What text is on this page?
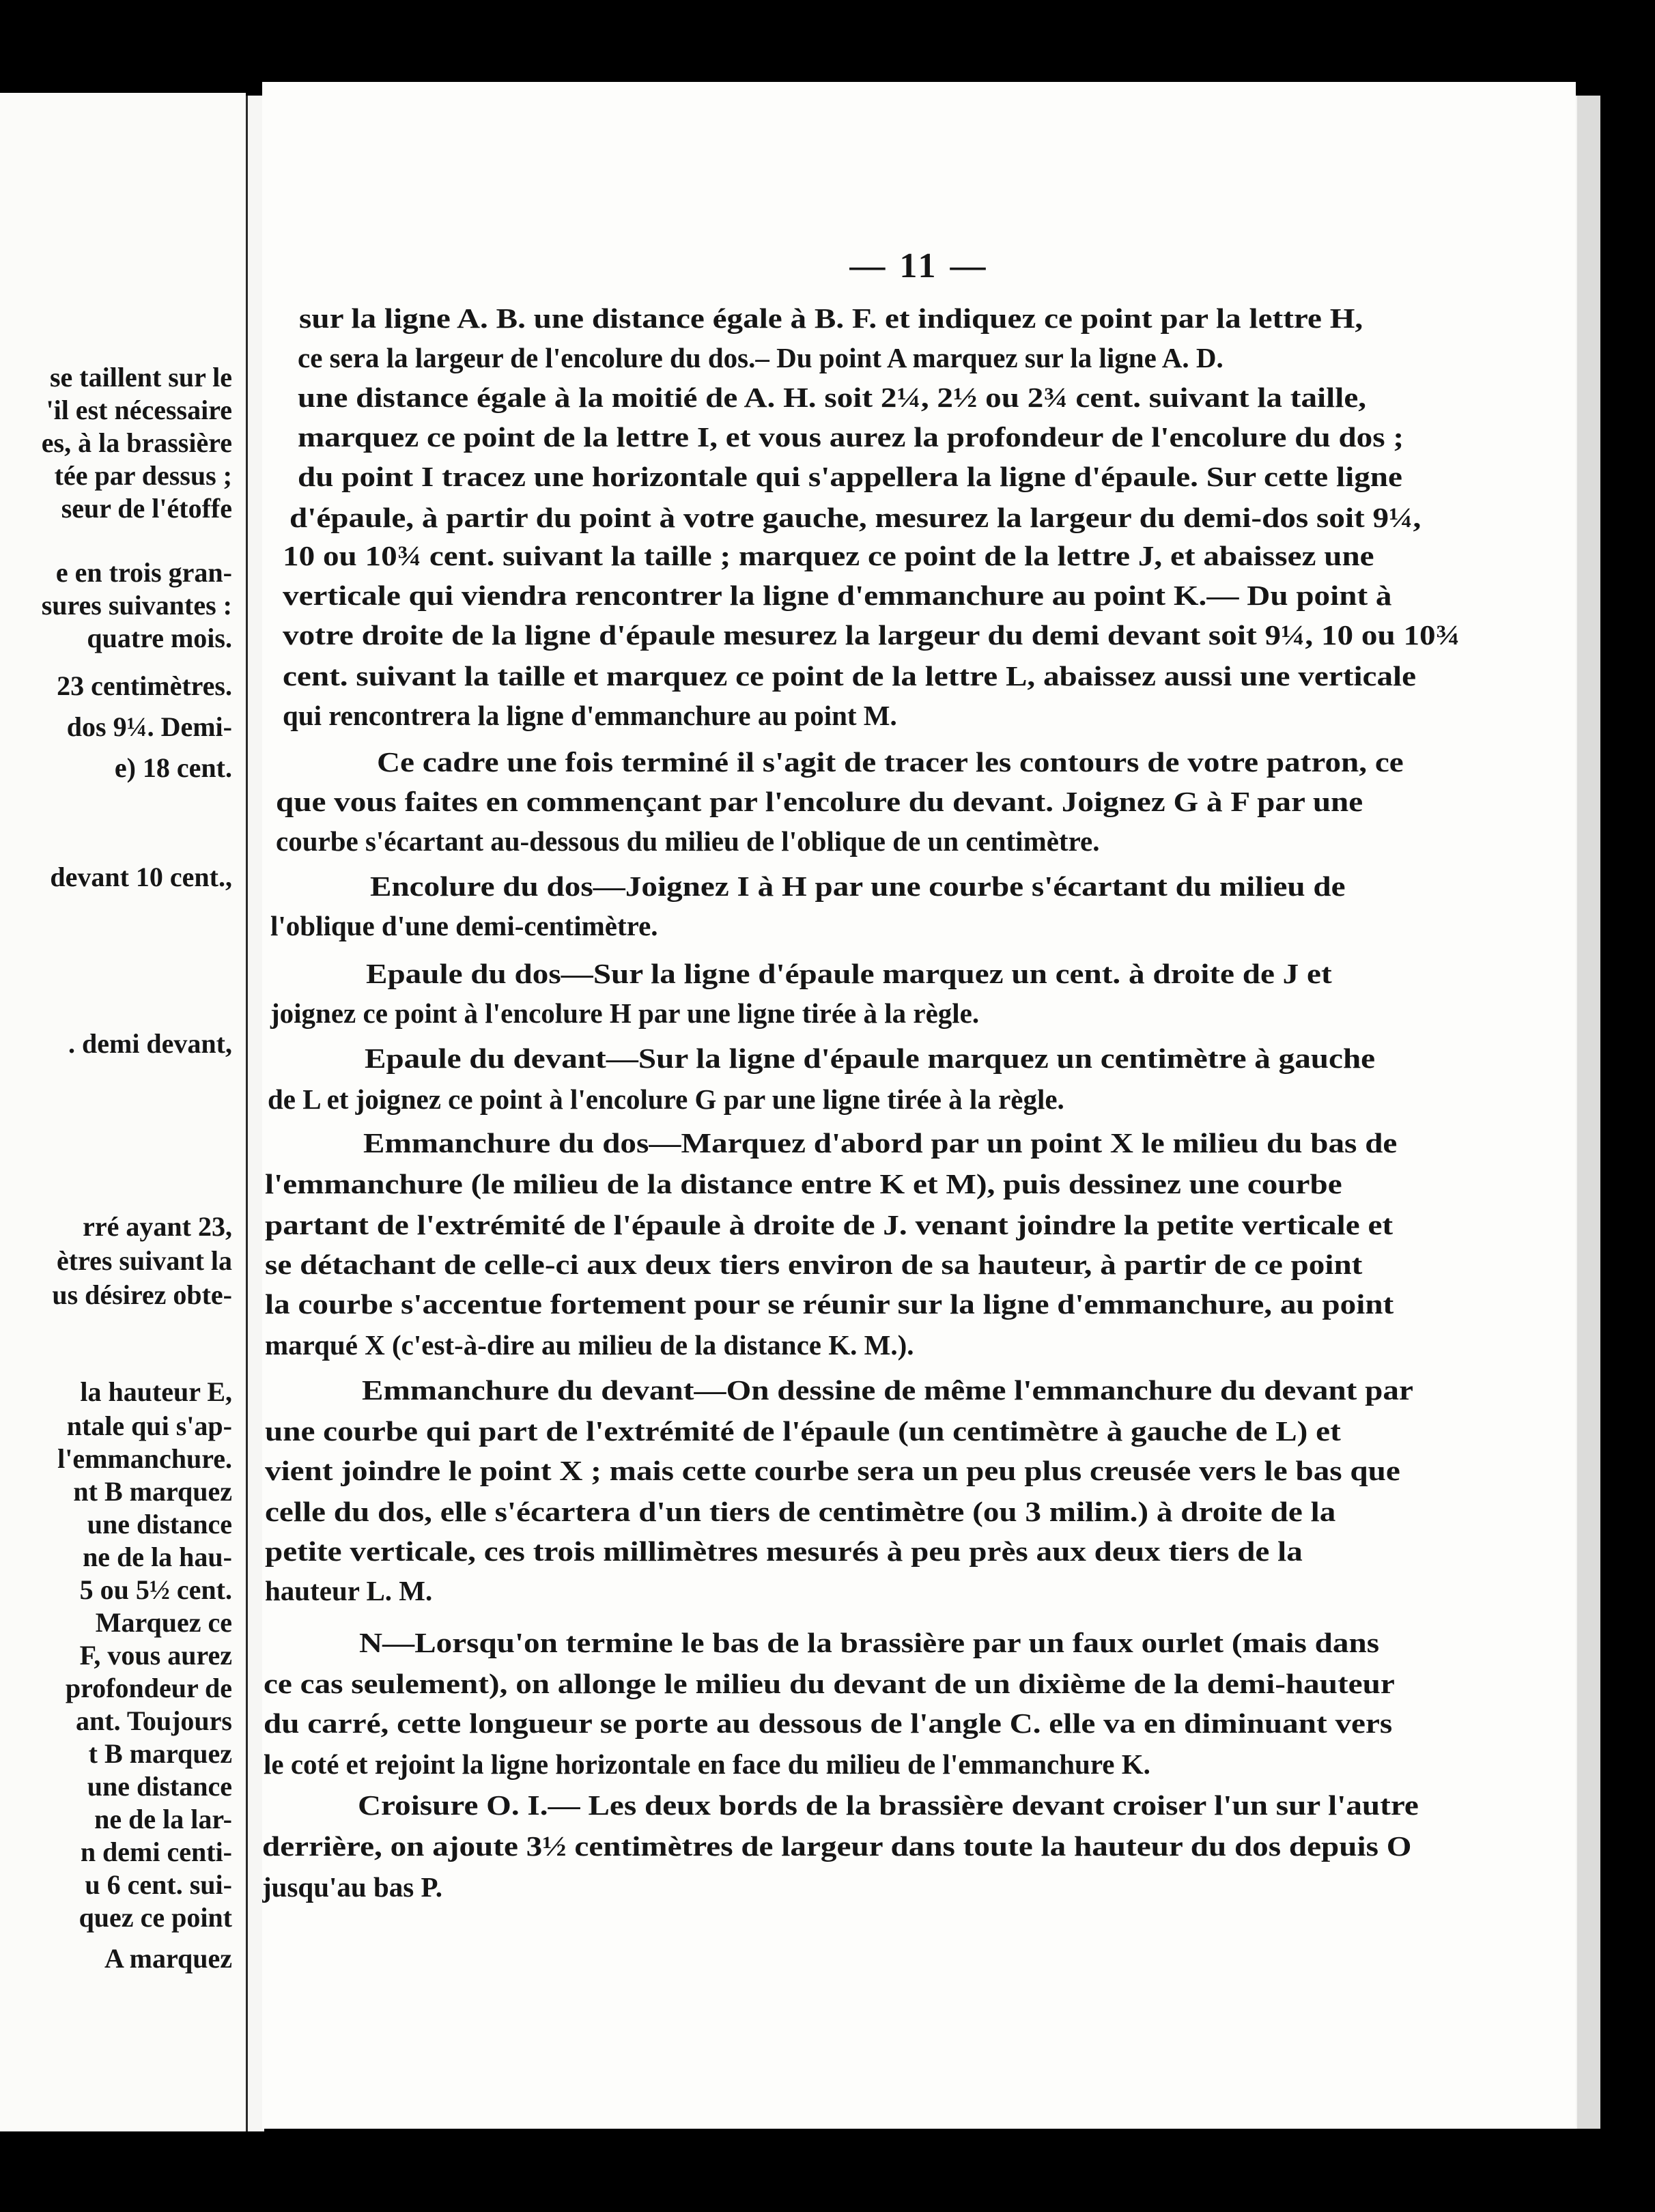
se taillent sur le
'il est nécessaire
es, à la brassière
tée par dessus ;
seur de l'étoffe
e en trois gran-
sures suivantes :
quatre mois.
23 centimètres.
dos 9¼. Demi-
e) 18 cent.
devant 10 cent.,
. demi devant,
rré ayant 23,
ètres suivant la
us désirez obte-
la hauteur E,
ntale qui s'ap-
l'emmanchure.
nt B marquez
une distance
ne de la hau-
5 ou 5½ cent.
Marquez ce
F, vous aurez
profondeur de
ant. Toujours
t B marquez
une distance
ne de la lar-
n demi centi-
u 6 cent. sui-
quez ce point
A marquez
— 11 —
sur la ligne A. B. une distance égale à B. F. et indiquez ce point par la lettre H,
ce sera la largeur de l'encolure du dos.– Du point A marquez sur la ligne A. D.
une distance égale à la moitié de A. H. soit 2¼, 2½ ou 2¾ cent. suivant la taille,
marquez ce point de la lettre I, et vous aurez la profondeur de l'encolure du dos ;
du point I tracez une horizontale qui s'appellera la ligne d'épaule. Sur cette ligne
d'épaule, à partir du point à votre gauche, mesurez la largeur du demi-dos soit 9¼,
10 ou 10¾ cent. suivant la taille ; marquez ce point de la lettre J, et abaissez une
verticale qui viendra rencontrer la ligne d'emmanchure au point K.— Du point à
votre droite de la ligne d'épaule mesurez la largeur du demi devant soit 9¼, 10 ou 10¾
cent. suivant la taille et marquez ce point de la lettre L, abaissez aussi une verticale
qui rencontrera la ligne d'emmanchure au point M.
Ce cadre une fois terminé il s'agit de tracer les contours de votre patron, ce
que vous faites en commençant par l'encolure du devant. Joignez G à F par une
courbe s'écartant au-dessous du milieu de l'oblique de un centimètre.
Encolure du dos—Joignez I à H par une courbe s'écartant du milieu de
l'oblique d'une demi-centimètre.
Epaule du dos—Sur la ligne d'épaule marquez un cent. à droite de J et
joignez ce point à l'encolure H par une ligne tirée à la règle.
Epaule du devant—Sur la ligne d'épaule marquez un centimètre à gauche
de L et joignez ce point à l'encolure G par une ligne tirée à la règle.
Emmanchure du dos—Marquez d'abord par un point X le milieu du bas de
l'emmanchure (le milieu de la distance entre K et M), puis dessinez une courbe
partant de l'extrémité de l'épaule à droite de J. venant joindre la petite verticale et
se détachant de celle-ci aux deux tiers environ de sa hauteur, à partir de ce point
la courbe s'accentue fortement pour se réunir sur la ligne d'emmanchure, au point
marqué X (c'est-à-dire au milieu de la distance K. M.).
Emmanchure du devant—On dessine de même l'emmanchure du devant par
une courbe qui part de l'extrémité de l'épaule (un centimètre à gauche de L) et
vient joindre le point X ; mais cette courbe sera un peu plus creusée vers le bas que
celle du dos, elle s'écartera d'un tiers de centimètre (ou 3 milim.) à droite de la
petite verticale, ces trois millimètres mesurés à peu près aux deux tiers de la
hauteur L. M.
N—Lorsqu'on termine le bas de la brassière par un faux ourlet (mais dans
ce cas seulement), on allonge le milieu du devant de un dixième de la demi-hauteur
du carré, cette longueur se porte au dessous de l'angle C. elle va en diminuant vers
le coté et rejoint la ligne horizontale en face du milieu de l'emmanchure K.
Croisure O. I.— Les deux bords de la brassière devant croiser l'un sur l'autre
derrière, on ajoute 3½ centimètres de largeur dans toute la hauteur du dos depuis O
jusqu'au bas P.
